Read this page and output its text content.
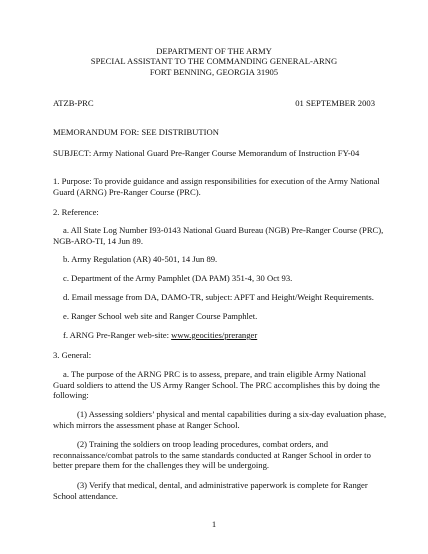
DEPARTMENT OF THE ARMY
SPECIAL ASSISTANT TO THE COMMANDING GENERAL-ARNG
FORT BENNING, GEORGIA 31905
ATZB-PRC	01 SEPTEMBER 2003
MEMORANDUM FOR: SEE DISTRIBUTION
SUBJECT: Army National Guard Pre-Ranger Course Memorandum of Instruction FY-04
1. Purpose: To provide guidance and assign responsibilities for execution of the Army National Guard (ARNG) Pre-Ranger Course (PRC).
2. Reference:
a. All State Log Number I93-0143 National Guard Bureau (NGB) Pre-Ranger Course (PRC), NGB-ARO-TI, 14 Jun 89.
b. Army Regulation (AR) 40-501, 14 Jun 89.
c. Department of the Army Pamphlet (DA PAM) 351-4, 30 Oct 93.
d. Email message from DA, DAMO-TR, subject: APFT and Height/Weight Requirements.
e. Ranger School web site and Ranger Course Pamphlet.
f. ARNG Pre-Ranger web-site: www.geocities/preranger
3. General:
a. The purpose of the ARNG PRC is to assess, prepare, and train eligible Army National Guard soldiers to attend the US Army Ranger School. The PRC accomplishes this by doing the following:
(1) Assessing soldiers’ physical and mental capabilities during a six-day evaluation phase, which mirrors the assessment phase at Ranger School.
(2) Training the soldiers on troop leading procedures, combat orders, and reconnaissance/combat patrols to the same standards conducted at Ranger School in order to better prepare them for the challenges they will be undergoing.
(3) Verify that medical, dental, and administrative paperwork is complete for Ranger School attendance.
1
